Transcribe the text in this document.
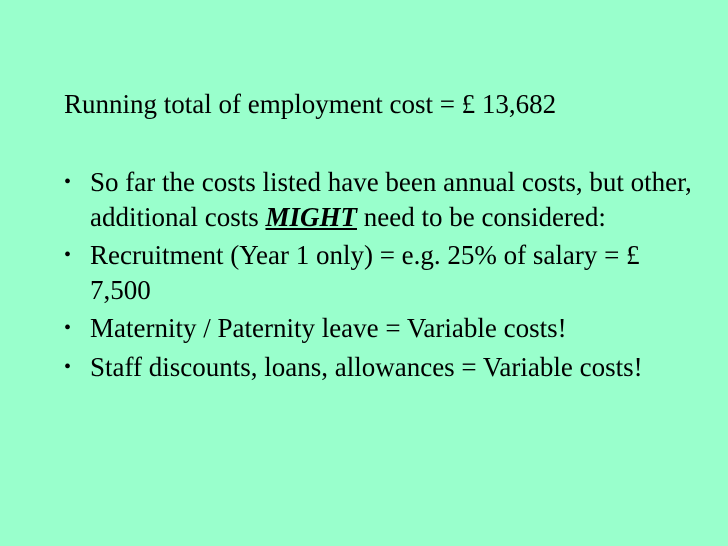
Running total of employment cost = £ 13,682
• So far the costs listed have been annual costs, but other, additional costs MIGHT need to be considered:
• Recruitment (Year 1 only) = e.g. 25% of salary = £ 7,500
• Maternity / Paternity leave = Variable costs!
• Staff discounts, loans, allowances = Variable costs!
